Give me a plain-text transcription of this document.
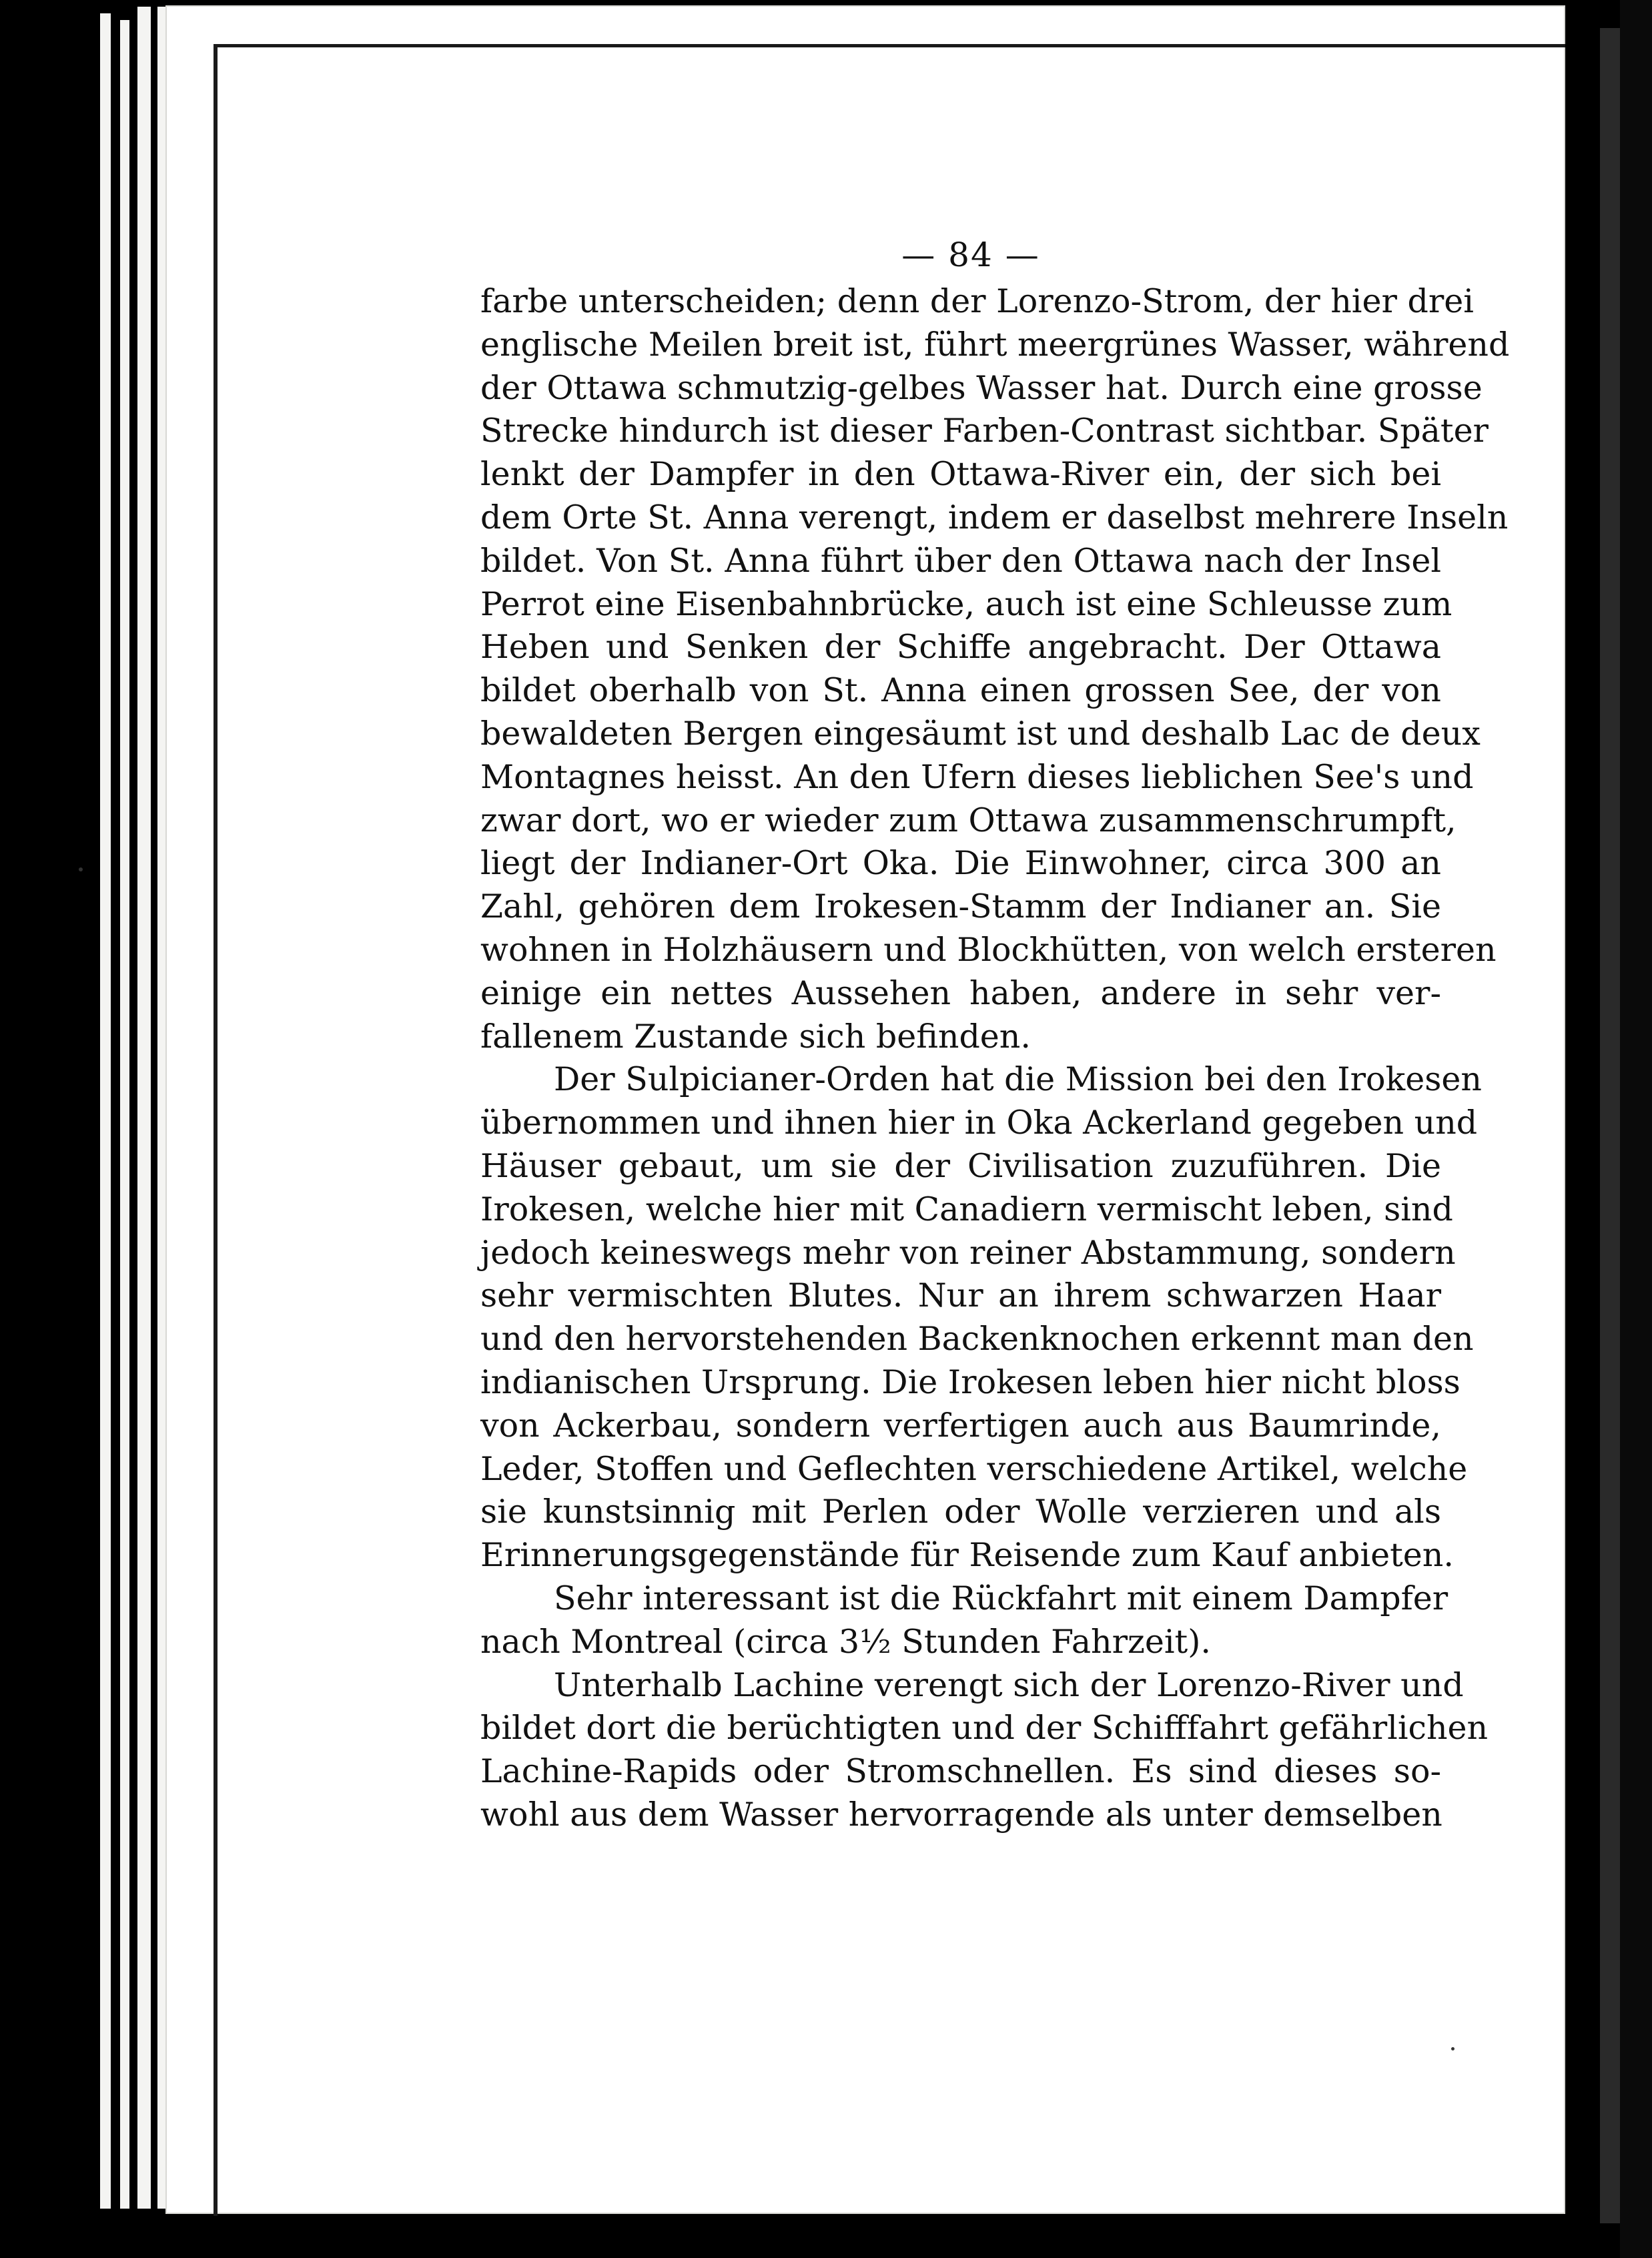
— 84 —
farbe unterscheiden; denn der Lorenzo-Strom, der hier drei
englische Meilen breit ist, führt meergrünes Wasser, während
der Ottawa schmutzig-gelbes Wasser hat. Durch eine grosse
Strecke hindurch ist dieser Farben-Contrast sichtbar. Später
lenkt der Dampfer in den Ottawa-River ein, der sich bei
dem Orte St. Anna verengt, indem er daselbst mehrere Inseln
bildet. Von St. Anna führt über den Ottawa nach der Insel
Perrot eine Eisenbahnbrücke, auch ist eine Schleusse zum
Heben und Senken der Schiffe angebracht. Der Ottawa
bildet oberhalb von St. Anna einen grossen See, der von
bewaldeten Bergen eingesäumt ist und deshalb Lac de deux
Montagnes heisst. An den Ufern dieses lieblichen See's und
zwar dort, wo er wieder zum Ottawa zusammenschrumpft,
liegt der Indianer-Ort Oka. Die Einwohner, circa 300 an
Zahl, gehören dem Irokesen-Stamm der Indianer an. Sie
wohnen in Holzhäusern und Blockhütten, von welch ersteren
einige ein nettes Aussehen haben, andere in sehr ver-
fallenem Zustande sich befinden.
Der Sulpicianer-Orden hat die Mission bei den Irokesen
übernommen und ihnen hier in Oka Ackerland gegeben und
Häuser gebaut, um sie der Civilisation zuzuführen. Die
Irokesen, welche hier mit Canadiern vermischt leben, sind
jedoch keineswegs mehr von reiner Abstammung, sondern
sehr vermischten Blutes. Nur an ihrem schwarzen Haar
und den hervorstehenden Backenknochen erkennt man den
indianischen Ursprung. Die Irokesen leben hier nicht bloss
von Ackerbau, sondern verfertigen auch aus Baumrinde,
Leder, Stoffen und Geflechten verschiedene Artikel, welche
sie kunstsinnig mit Perlen oder Wolle verzieren und als
Erinnerungsgegenstände für Reisende zum Kauf anbieten.
Sehr interessant ist die Rückfahrt mit einem Dampfer
nach Montreal (circa 3½ Stunden Fahrzeit).
Unterhalb Lachine verengt sich der Lorenzo-River und
bildet dort die berüchtigten und der Schifffahrt gefährlichen
Lachine-Rapids oder Stromschnellen. Es sind dieses so-
wohl aus dem Wasser hervorragende als unter demselben
